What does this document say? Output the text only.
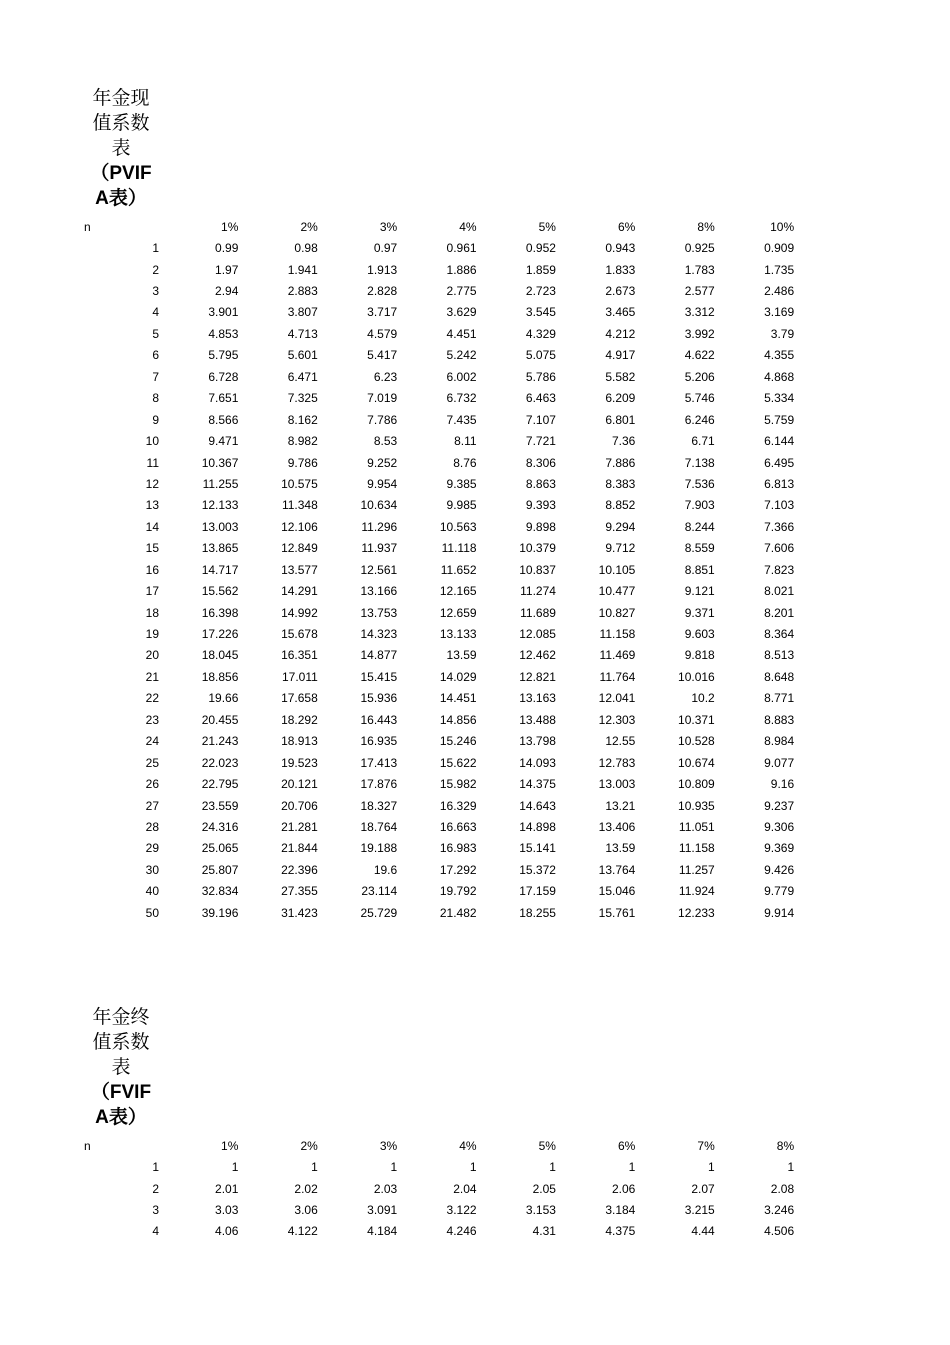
年金现
值系数
表
（PVIF
A表）
n	1%	2%	3%	4%	5%	6%	8%	10%
1	0.99	0.98	0.97	0.961	0.952	0.943	0.925	0.909
2	1.97	1.941	1.913	1.886	1.859	1.833	1.783	1.735
3	2.94	2.883	2.828	2.775	2.723	2.673	2.577	2.486
4	3.901	3.807	3.717	3.629	3.545	3.465	3.312	3.169
5	4.853	4.713	4.579	4.451	4.329	4.212	3.992	3.79
6	5.795	5.601	5.417	5.242	5.075	4.917	4.622	4.355
7	6.728	6.471	6.23	6.002	5.786	5.582	5.206	4.868
8	7.651	7.325	7.019	6.732	6.463	6.209	5.746	5.334
9	8.566	8.162	7.786	7.435	7.107	6.801	6.246	5.759
10	9.471	8.982	8.53	8.11	7.721	7.36	6.71	6.144
11	10.367	9.786	9.252	8.76	8.306	7.886	7.138	6.495
12	11.255	10.575	9.954	9.385	8.863	8.383	7.536	6.813
13	12.133	11.348	10.634	9.985	9.393	8.852	7.903	7.103
14	13.003	12.106	11.296	10.563	9.898	9.294	8.244	7.366
15	13.865	12.849	11.937	11.118	10.379	9.712	8.559	7.606
16	14.717	13.577	12.561	11.652	10.837	10.105	8.851	7.823
17	15.562	14.291	13.166	12.165	11.274	10.477	9.121	8.021
18	16.398	14.992	13.753	12.659	11.689	10.827	9.371	8.201
19	17.226	15.678	14.323	13.133	12.085	11.158	9.603	8.364
20	18.045	16.351	14.877	13.59	12.462	11.469	9.818	8.513
21	18.856	17.011	15.415	14.029	12.821	11.764	10.016	8.648
22	19.66	17.658	15.936	14.451	13.163	12.041	10.2	8.771
23	20.455	18.292	16.443	14.856	13.488	12.303	10.371	8.883
24	21.243	18.913	16.935	15.246	13.798	12.55	10.528	8.984
25	22.023	19.523	17.413	15.622	14.093	12.783	10.674	9.077
26	22.795	20.121	17.876	15.982	14.375	13.003	10.809	9.16
27	23.559	20.706	18.327	16.329	14.643	13.21	10.935	9.237
28	24.316	21.281	18.764	16.663	14.898	13.406	11.051	9.306
29	25.065	21.844	19.188	16.983	15.141	13.59	11.158	9.369
30	25.807	22.396	19.6	17.292	15.372	13.764	11.257	9.426
40	32.834	27.355	23.114	19.792	17.159	15.046	11.924	9.779
50	39.196	31.423	25.729	21.482	18.255	15.761	12.233	9.914
年金终
值系数
表
（FVIF
A表）
n	1%	2%	3%	4%	5%	6%	7%	8%
1	1	1	1	1	1	1	1	1
2	2.01	2.02	2.03	2.04	2.05	2.06	2.07	2.08
3	3.03	3.06	3.091	3.122	3.153	3.184	3.215	3.246
4	4.06	4.122	4.184	4.246	4.31	4.375	4.44	4.506
